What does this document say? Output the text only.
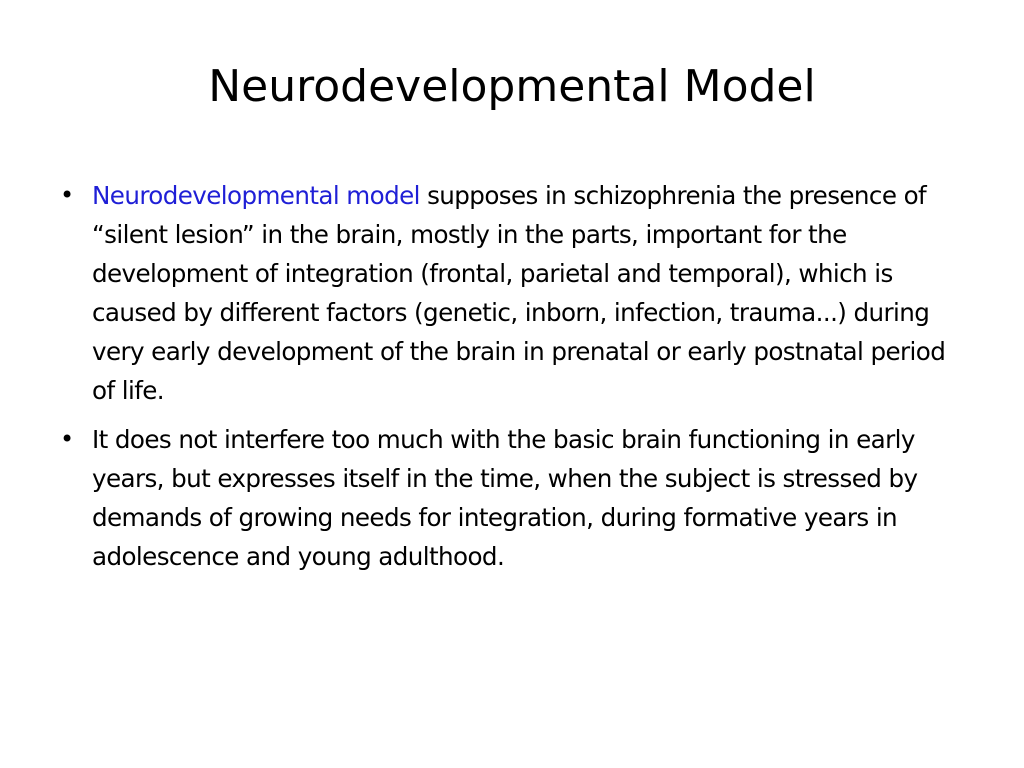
Neurodevelopmental Model
• Neurodevelopmental model supposes in schizophrenia the presence of “silent lesion” in the brain, mostly in the parts, important for the development of integration (frontal, parietal and temporal), which is caused by different factors (genetic, inborn, infection, trauma...) during very early development of the brain in prenatal or early postnatal period of life.
• It does not interfere too much with the basic brain functioning in early years, but expresses itself in the time, when the subject is stressed by demands of growing needs for integration, during formative years in adolescence and young adulthood.
